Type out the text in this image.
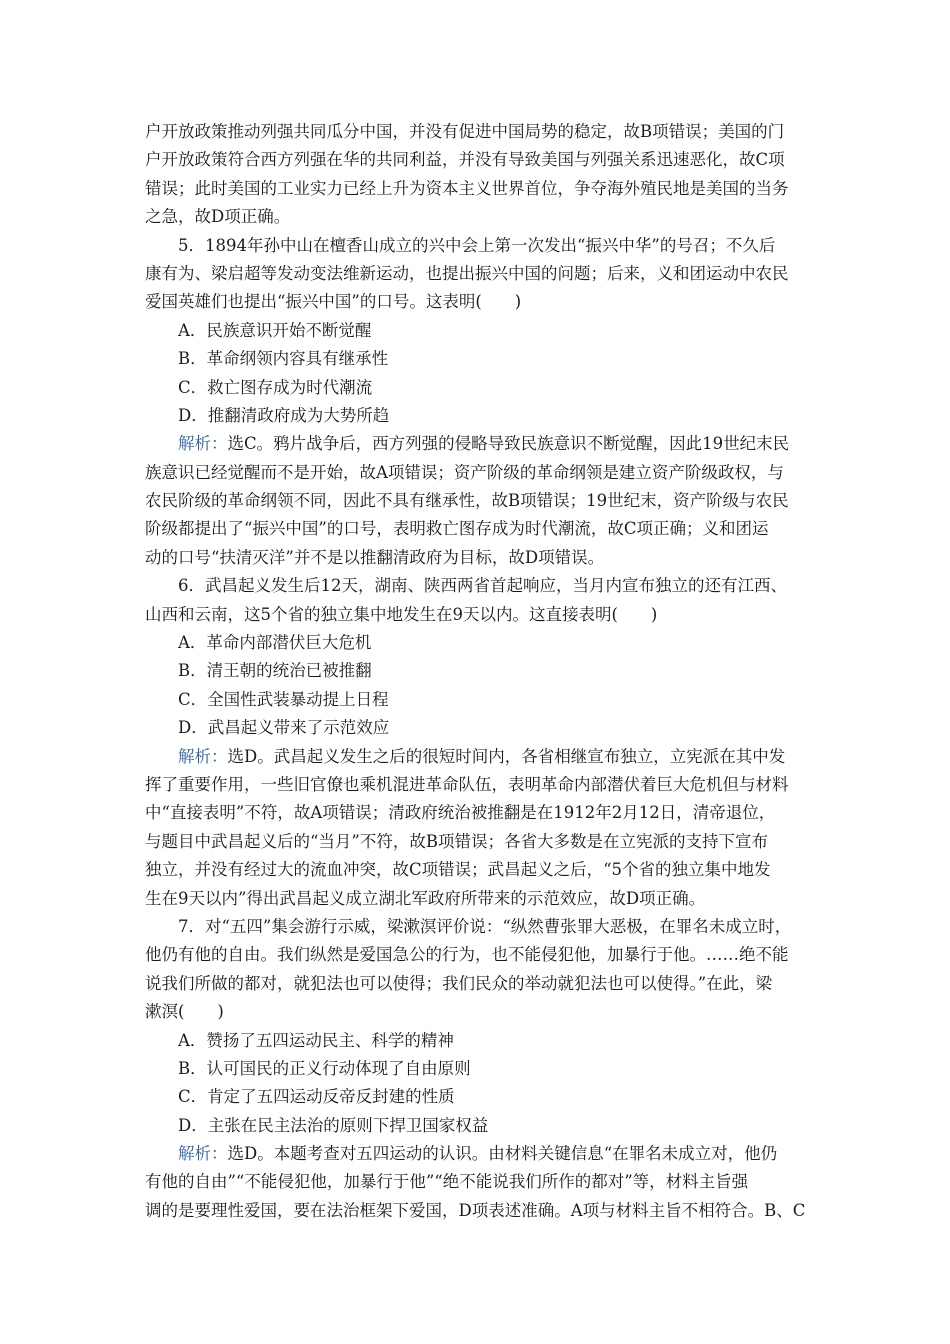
户开放政策推动列强共同瓜分中国，并没有促进中国局势的稳定，故B项错误；美国的门
户开放政策符合西方列强在华的共同利益，并没有导致美国与列强关系迅速恶化，故C项
错误；此时美国的工业实力已经上升为资本主义世界首位，争夺海外殖民地是美国的当务
之急，故D项正确。
5．1894年孙中山在檀香山成立的兴中会上第一次发出“振兴中华”的号召；不久后
康有为、梁启超等发动变法维新运动，也提出振兴中国的问题；后来，义和团运动中农民
爱国英雄们也提出“振兴中国”的口号。这表明(　　)
A．民族意识开始不断觉醒
B．革命纲领内容具有继承性
C．救亡图存成为时代潮流
D．推翻清政府成为大势所趋
解析：选C。鸦片战争后，西方列强的侵略导致民族意识不断觉醒，因此19世纪末民
族意识已经觉醒而不是开始，故A项错误；资产阶级的革命纲领是建立资产阶级政权，与
农民阶级的革命纲领不同，因此不具有继承性，故B项错误；19世纪末，资产阶级与农民
阶级都提出了“振兴中国”的口号，表明救亡图存成为时代潮流，故C项正确；义和团运
动的口号“扶清灭洋”并不是以推翻清政府为目标，故D项错误。
6．武昌起义发生后12天，湖南、陕西两省首起响应，当月内宣布独立的还有江西、
山西和云南，这5个省的独立集中地发生在9天以内。这直接表明(　　)
A．革命内部潜伏巨大危机
B．清王朝的统治已被推翻
C．全国性武装暴动提上日程
D．武昌起义带来了示范效应
解析：选D。武昌起义发生之后的很短时间内，各省相继宣布独立，立宪派在其中发
挥了重要作用，一些旧官僚也乘机混进革命队伍，表明革命内部潜伏着巨大危机但与材料
中“直接表明”不符，故A项错误；清政府统治被推翻是在1912年2月12日，清帝退位，
与题目中武昌起义后的“当月”不符，故B项错误；各省大多数是在立宪派的支持下宣布
独立，并没有经过大的流血冲突，故C项错误；武昌起义之后，“5个省的独立集中地发
生在9天以内”得出武昌起义成立湖北军政府所带来的示范效应，故D项正确。
7．对“五四”集会游行示威，梁漱溟评价说：“纵然曹张罪大恶极，在罪名未成立时，
他仍有他的自由。我们纵然是爱国急公的行为，也不能侵犯他，加暴行于他。……绝不能
说我们所做的都对，就犯法也可以使得；我们民众的举动就犯法也可以使得。”在此，梁
漱溟(　　)
A．赞扬了五四运动民主、科学的精神
B．认可国民的正义行动体现了自由原则
C．肯定了五四运动反帝反封建的性质
D．主张在民主法治的原则下捍卫国家权益
解析：选D。本题考查对五四运动的认识。由材料关键信息“在罪名未成立对，他仍
有他的自由”“不能侵犯他，加暴行于他”“绝不能说我们所作的都对”等，材料主旨强
调的是要理性爱国，要在法治框架下爱国，D项表述准确。A项与材料主旨不相符合。B、C
